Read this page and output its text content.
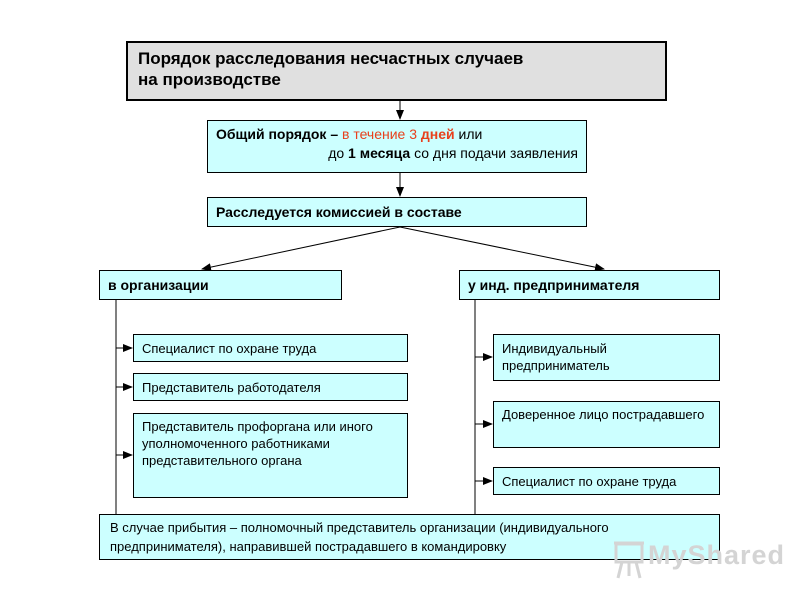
Порядок расследования несчастных случаев
на производстве
Общий порядок – в течение 3 дней или
до 1 месяца со дня подачи заявления
Расследуется комиссией в составе
в организации	у инд. предпринимателя
Специалист по охране труда
Представитель работодателя
Представитель профоргана или иного уполномоченного работниками представительного органа
Индивидуальный предприниматель
Доверенное лицо пострадавшего
Специалист по охране труда
В случае прибытия – полномочный представитель организации (индивидуального предпринимателя), направившей пострадавшего в командировку	MyShared
